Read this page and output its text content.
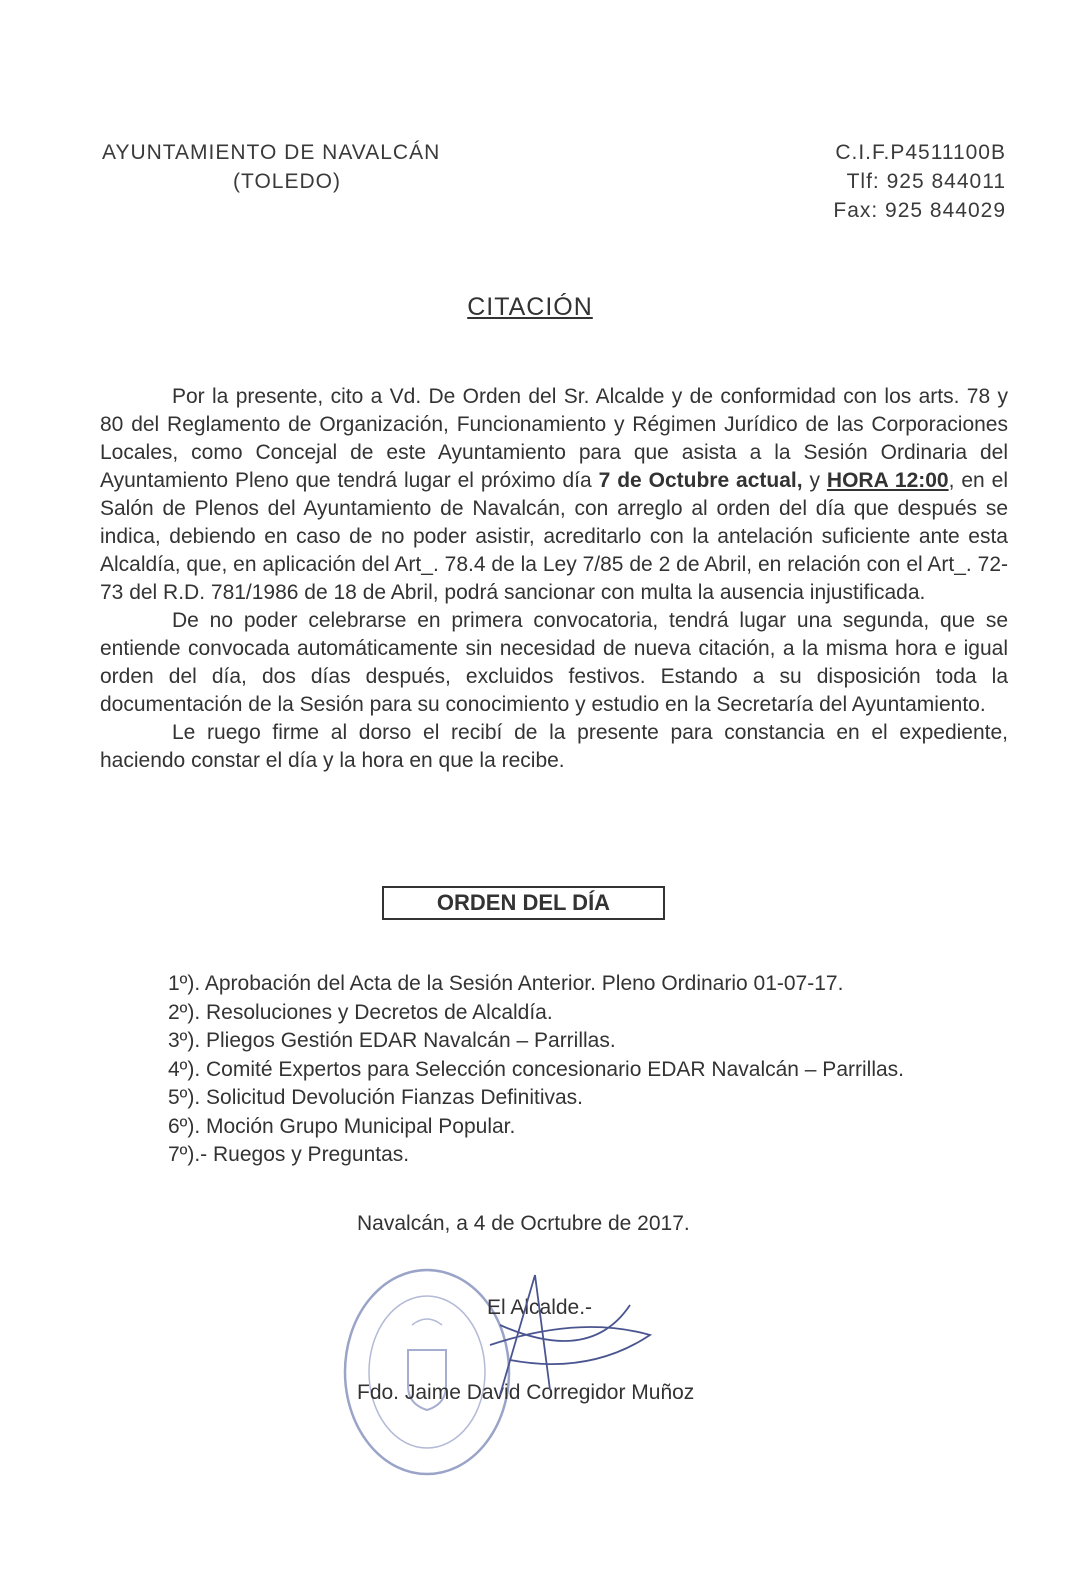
AYUNTAMIENTO DE NAVALCÁN
(TOLEDO)
C.I.F.P4511100B
Tlf: 925 844011
Fax: 925 844029
CITACIÓN

Por la presente, cito a Vd. De Orden del Sr. Alcalde y de conformidad con los arts. 78 y 80 del Reglamento de Organización, Funcionamiento y Régimen Jurídico de las Corporaciones Locales, como Concejal de este Ayuntamiento para que asista a la Sesión Ordinaria del Ayuntamiento Pleno que tendrá lugar el próximo día 7 de Octubre actual, y HORA 12:00, en el Salón de Plenos del Ayuntamiento de Navalcán, con arreglo al orden del día que después se indica, debiendo en caso de no poder asistir, acreditarlo con la antelación suficiente ante esta Alcaldía, que, en aplicación del Art_. 78.4 de la Ley 7/85 de 2 de Abril, en relación con el Art_. 72-73 del R.D. 781/1986 de 18 de Abril, podrá sancionar con multa la ausencia injustificada.

De no poder celebrarse en primera convocatoria, tendrá lugar una segunda, que se entiende convocada automáticamente sin necesidad de nueva citación, a la misma hora e igual orden del día, dos días después, excluidos festivos. Estando a su disposición toda la documentación de la Sesión para su conocimiento y estudio en la Secretaría del Ayuntamiento.

Le ruego firme al dorso el recibí de la presente para constancia en el expediente, haciendo constar el día y la hora en que la recibe.

ORDEN DEL DÍA
1º). Aprobación del Acta de la Sesión Anterior. Pleno Ordinario 01-07-17.
2º). Resoluciones y Decretos de Alcaldía.
3º). Pliegos Gestión EDAR Navalcán – Parrillas.
4º). Comité Expertos para Selección concesionario EDAR Navalcán – Parrillas.
5º). Solicitud Devolución Fianzas Definitivas.
6º). Moción Grupo Municipal Popular.
7º).- Ruegos y Preguntas.
Navalcán, a 4 de Ocrtubre de 2017.
El Alcalde.-
Fdo. Jaime David Corregidor Muñoz
